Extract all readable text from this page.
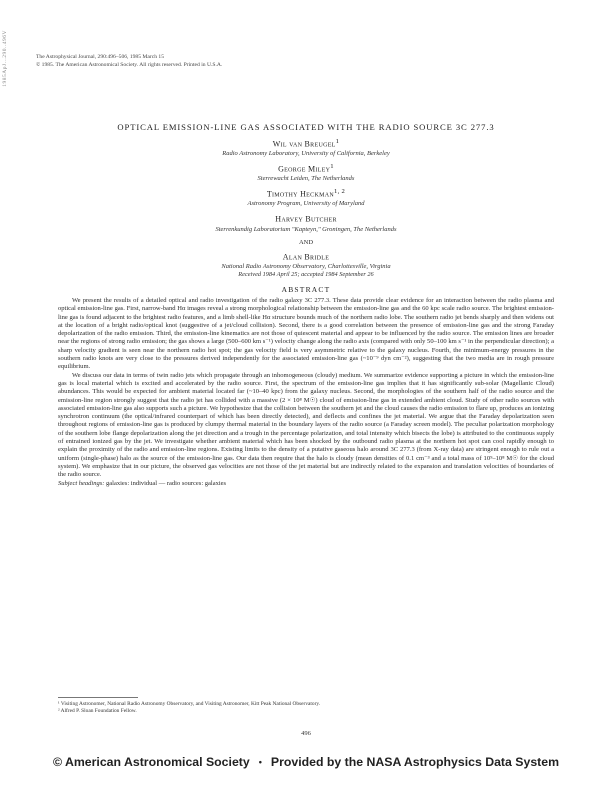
1985ApJ...290..496V	The Astrophysical Journal, 290:496–506, 1985 March 15
© 1985. The American Astronomical Society. All rights reserved. Printed in U.S.A.
OPTICAL EMISSION-LINE GAS ASSOCIATED WITH THE RADIO SOURCE 3C 277.3
Wil van Breugel$^1$
Radio Astronomy Laboratory, University of California, Berkeley
George Miley$^1$
Sterrewacht Leiden, The Netherlands
Timothy Heckman$^{1, 2}$
Astronomy Program, University of Maryland
Harvey Butcher
Sterrenkundig Laboratorium "Kapteyn," Groningen, The Netherlands
AND
Alan Bridle
National Radio Astronomy Observatory, Charlottesville, Virginia
Received 1984 April 25; accepted 1984 September 26
ABSTRACT

We present the results of a detailed optical and radio investigation of the radio galaxy 3C 277.3. These data provide clear evidence for an interaction between the radio plasma and optical emission-line gas. First, narrow-band Hα images reveal a strong morphological relationship between the emission-line gas and the 60 kpc scale radio source. The brightest emission-line gas is found adjacent to the brightest radio features, and a limb shell-like Hα structure bounds much of the northern radio lobe. The southern radio jet bends sharply and then widens out at the location of a bright radio/optical knot (suggestive of a jet/cloud collision). Second, there is a good correlation between the presence of emission-line gas and the strong Faraday depolarization of the radio emission. Third, the emission-line kinematics are not those of quiescent material and appear to be influenced by the radio source. The emission lines are broader near the regions of strong radio emission; the gas shows a large (500–600 km s⁻¹) velocity change along the radio axis (compared with only 50–100 km s⁻¹ in the perpendicular direction); a sharp velocity gradient is seen near the northern radio hot spot; the gas velocity field is very asymmetric relative to the galaxy nucleus. Fourth, the minimum-energy pressures in the southern radio knots are very close to the pressures derived independently for the associated emission-line gas (~10⁻⁹ dyn cm⁻²), suggesting that the two media are in rough pressure equilibrium.

We discuss our data in terms of twin radio jets which propagate through an inhomogeneous (cloudy) medium. We summarize evidence supporting a picture in which the emission-line gas is local material which is excited and accelerated by the radio source. First, the spectrum of the emission-line gas implies that it has significantly sub-solar (Magellanic Cloud) abundances. This would be expected for ambient material located far (~10–40 kpc) from the galaxy nucleus. Second, the morphologies of the southern half of the radio source and the emission-line region strongly suggest that the radio jet has collided with a massive (2 × 10⁸ M☉) cloud of emission-line gas in extended ambient cloud. Study of other radio sources with associated emission-line gas also supports such a picture. We hypothesize that the collision between the southern jet and the cloud causes the radio emission to flare up, produces an ionizing synchrotron continuum (the optical/infrared counterpart of which has been directly detected), and deflects and confines the jet material. We argue that the Faraday depolarization seen throughout regions of emission-line gas is produced by clumpy thermal material in the boundary layers of the radio source (a Faraday screen model). The peculiar polarization morphology of the southern lobe flange depolarization along the jet direction and a trough in the percentage polarization, and total intensity which bisects the lobe) is attributed to the continuous supply of entrained ionized gas by the jet. We investigate whether ambient material which has been shocked by the outbound radio plasma at the northern hot spot can cool rapidly enough to explain the proximity of the radio and emission-line regions. Existing limits to the density of a putative gaseous halo around 3C 277.3 (from X-ray data) are stringent enough to rule out a uniform (single-phase) halo as the source of the emission-line gas. Our data then require that the halo is cloudy (mean densities of 0.1 cm⁻³ and a total mass of 10⁹–10⁸ M☉ for the cloud system). We emphasize that in our picture, the observed gas velocities are not those of the jet material but are indirectly related to the expansion and translation velocities of boundaries of the radio source.

Subject headings: galaxies: individual — radio sources: galaxies
¹ Visiting Astronomer, National Radio Astronomy Observatory, and Visiting Astronomer, Kitt Peak National Observatory.
² Alfred P. Sloan Foundation Fellow.
496
© American Astronomical Society • Provided by the NASA Astrophysics Data System
